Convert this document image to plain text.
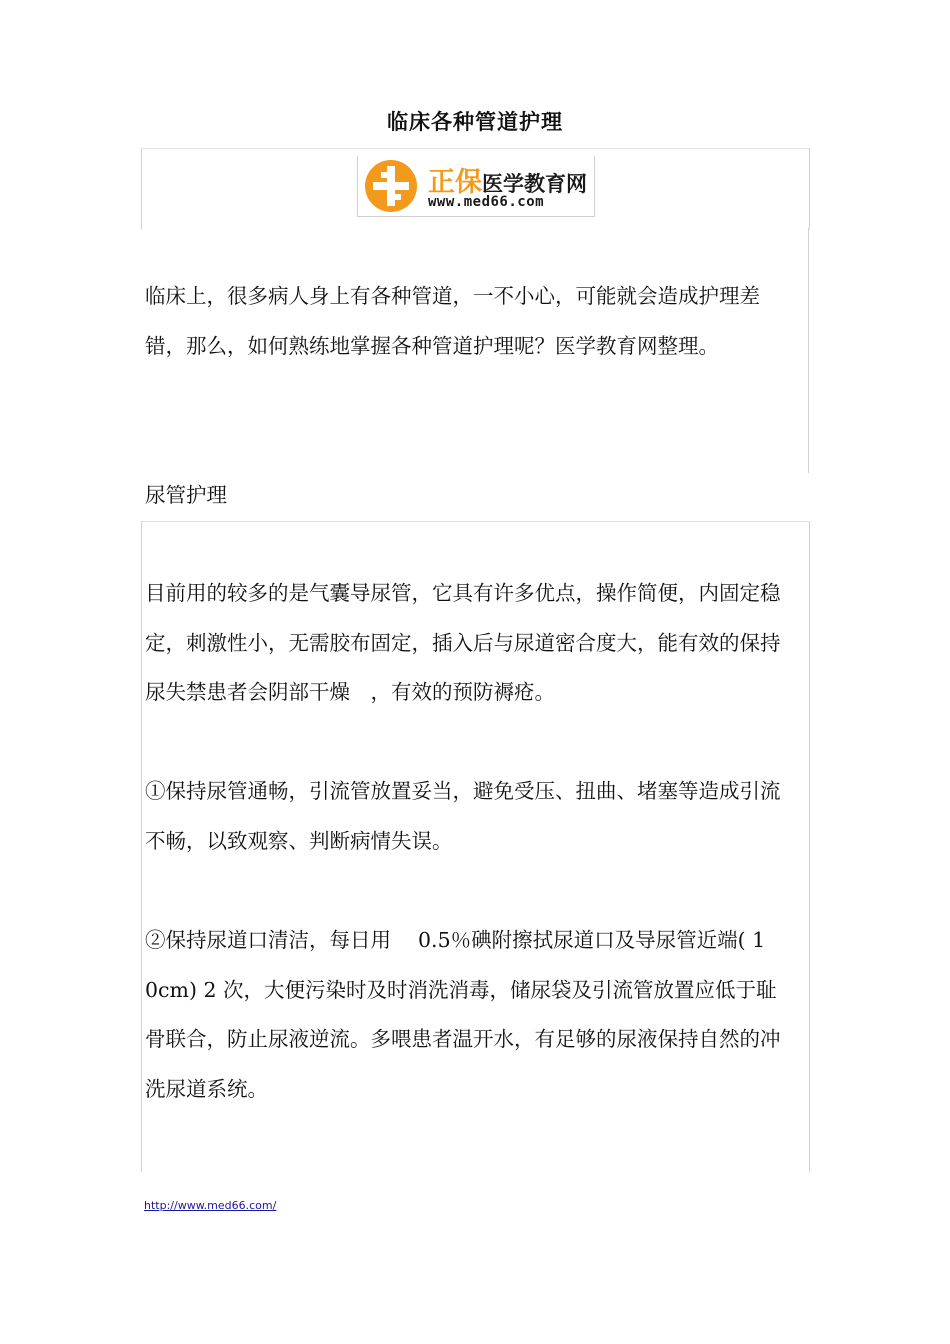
临床各种管道护理
正保医学教育网
www.med66.com

临床上，很多病人身上有各种管道，一不小心，可能就会造成护理差错，那么，如何熟练地掌握各种管道护理呢？医学教育网整理。

尿管护理

目前用的较多的是气囊导尿管，它具有许多优点，操作简便，内固定稳定，刺激性小，无需胶布固定，插入后与尿道密合度大，能有效的保持尿失禁患者会阴部干燥　，有效的预防褥疮。

①保持尿管通畅，引流管放置妥当，避免受压、扭曲、堵塞等造成引流不畅，以致观察、判断病情失误。

②保持尿道口清洁，每日用　 0.5％碘附擦拭尿道口及导尿管近端( 1 0cm) 2 次，大便污染时及时消洗消毒，储尿袋及引流管放置应低于耻骨联合，防止尿液逆流。多喂患者温开水，有足够的尿液保持自然的冲洗尿道系统。

http://www.med66.com/
